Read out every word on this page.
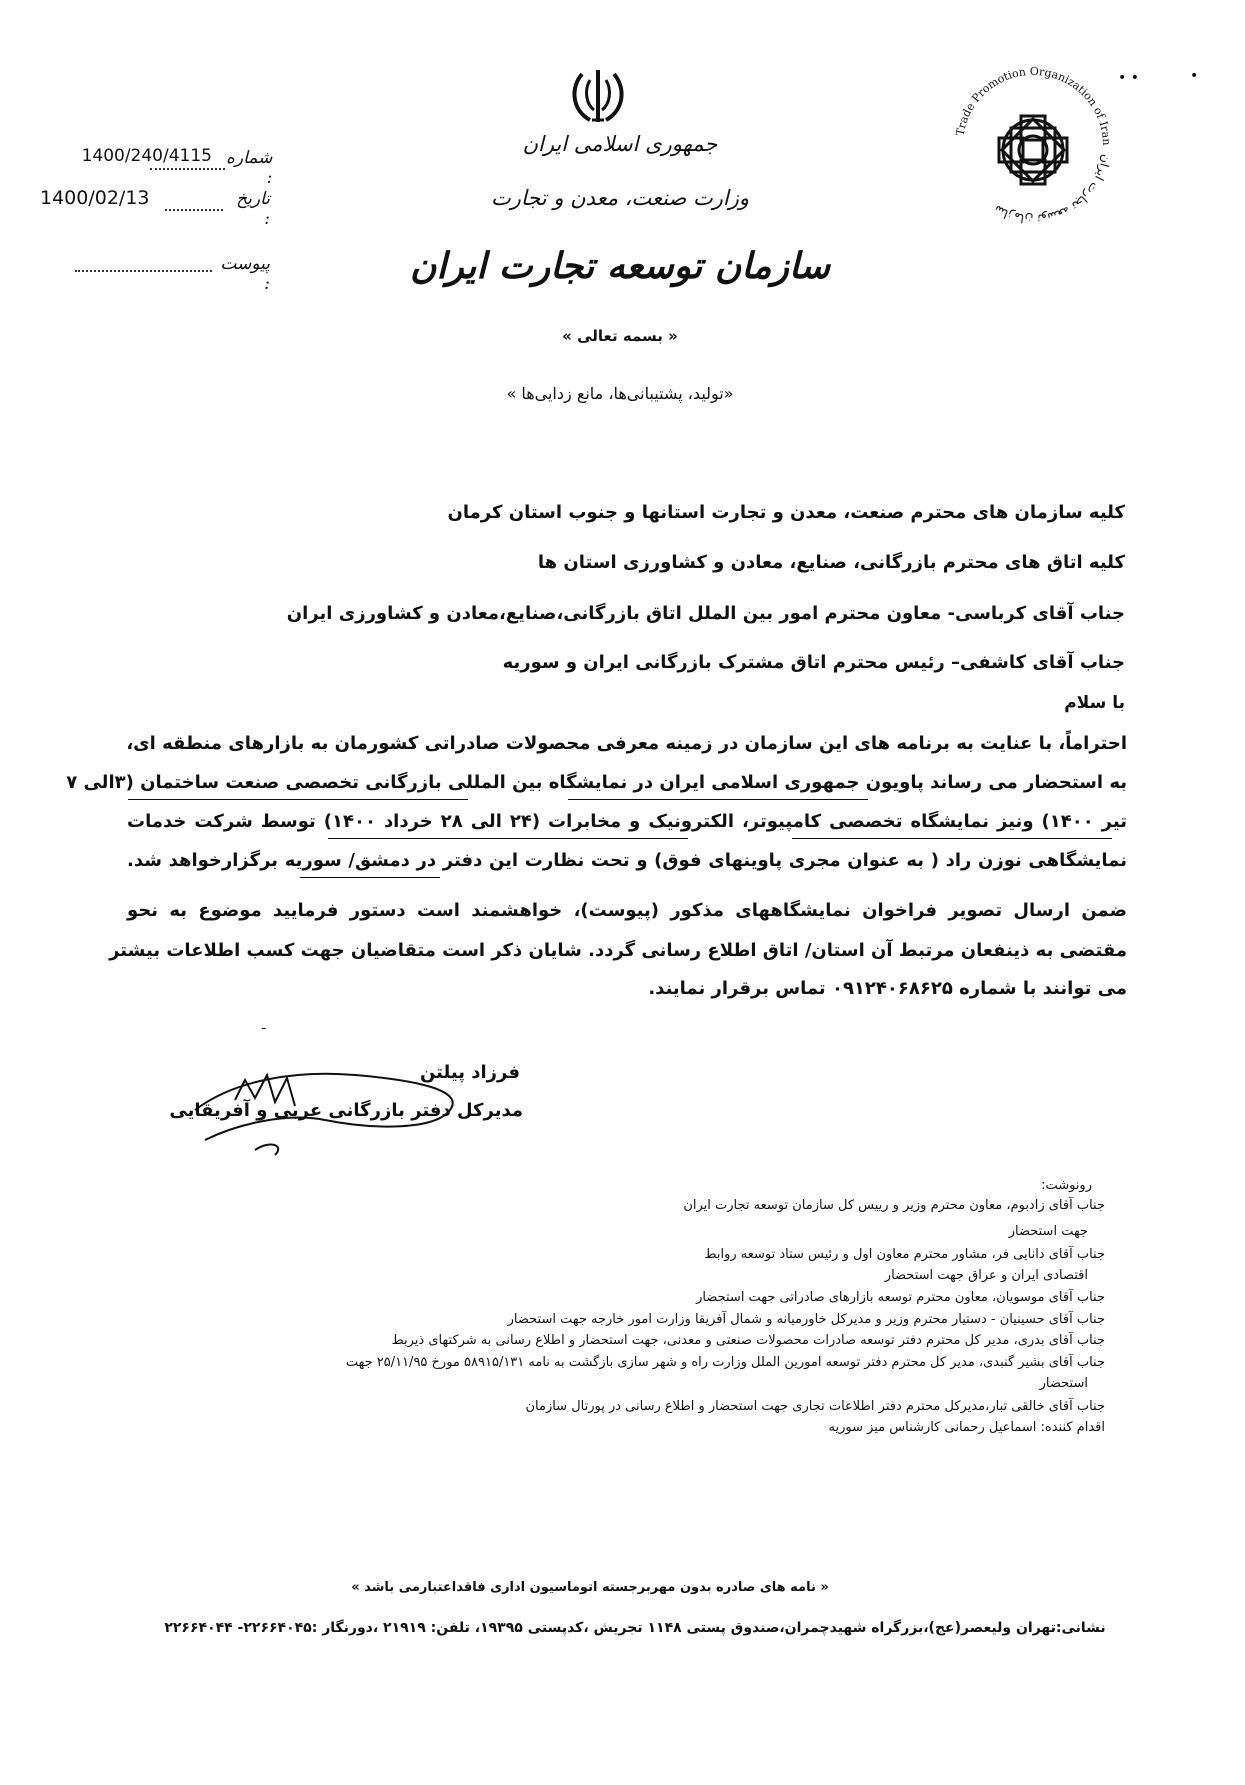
• •	•
1400/240/4115 شماره :
1400/02/13	تاریخ :
پیوست :
جمهوری اسلامی ایران
وزارت صنعت، معدن و تجارت
سازمان توسعه تجارت ایران
« بسمه تعالی »
« تولید، پشتیبانی‌ها، مانع زدایی‌ها»
سازمان توسعه تجارت ایران
Trade Promotion Organization of Iran
کلیه سازمان های محترم صنعت، معدن و تجارت استانها و جنوب استان کرمان
کلیه اتاق های محترم بازرگانی، صنایع، معادن و کشاورزی استان ها
جناب آقای کرباسی- معاون محترم امور بین الملل اتاق بازرگانی،صنایع،معادن و کشاورزی ایران
جناب آقای کاشفی– رئیس محترم اتاق مشترک بازرگانی ایران و سوریه
با سلام
احتراماً، با عنایت به برنامه های این سازمان در زمینه معرفی محصولات صادراتی کشورمان به بازارهای منطقه ای،
به استحضار می رساند پاویون جمهوری اسلامی ایران در نمایشگاه بین المللی بازرگانی تخصصی صنعت ساختمان (۳الی ۷
تیر ۱۴۰۰) ونیز نمایشگاه تخصصی کامپیوتر، الکترونیک و مخابرات (۲۴ الی ۲۸ خرداد ۱۴۰۰) توسط شرکت خدمات
نمایشگاهی نوزن راد ( به عنوان مجری پاوینهای فوق) و تحت نظارت این دفتر در دمشق/ سوریه برگزارخواهد شد.
ضمن ارسال تصویر فراخوان نمایشگاههای مذکور (پیوست)، خواهشمند است دستور فرمایید موضوع به نحو
مقتضی به ذینفعان مرتبط آن استان/ اتاق اطلاع رسانی گردد. شایان ذکر است متقاضیان جهت کسب اطلاعات بیشتر
می توانند با شماره ۰۹۱۲۴۰۶۸۶۲۵ تماس برقرار نمایند.
ـ
فرزاد پیلتن
مدیرکل دفتر بازرگانی عربی و آفریقایی
رونوشت:
جناب آقای زادبوم، معاون محترم وزیر و رییس کل سازمان توسعه تجارت ایران
جهت استحضار
جناب آقای دانایی فر، مشاور محترم معاون اول و رئیس ستاد توسعه روابط
اقتصادی ایران و عراق جهت استحضار
جناب آقای موسویان، معاون محترم توسعه بازارهای صادراتی جهت استحضار
جناب آقای حسینیان - دستیار محترم وزیر و مدیرکل خاورمیانه و شمال آفریقا وزارت امور خارجه جهت استحضار
جناب آقای بدری، مدیر کل محترم دفتر توسعه صادرات محصولات صنعتی و معدنی، جهت استحضار و اطلاع رسانی به شرکتهای ذیربط
جناب آقای بشیر گنبدی، مدیر کل محترم دفتر توسعه امورین الملل وزارت راه و شهر سازی بازگشت به نامه ۵۸۹۱۵/۱۳۱ مورخ ۲۵/۱۱/۹۵ جهت
استحضار
جناب آقای خالقی تبار،مدیرکل محترم دفتر اطلاعات تجاری جهت استحضار و اطلاع رسانی در پورتال سازمان
اقدام کننده: اسماعیل رحمانی کارشناس میز سوریه
« نامه های صادره بدون مهربرجسته اتوماسیون اداری فاقداعتبارمی باشد »
نشانی:تهران ولیعصر(عج)،بزرگراه شهیدچمران،صندوق پستی ۱۱۴۸ تجریش ،کدپستی ۱۹۳۹۵، تلفن: ۲۱۹۱۹ ،دورنگار :۲۲۶۶۴۰۴۵- ۲۲۶۶۴۰۴۴
